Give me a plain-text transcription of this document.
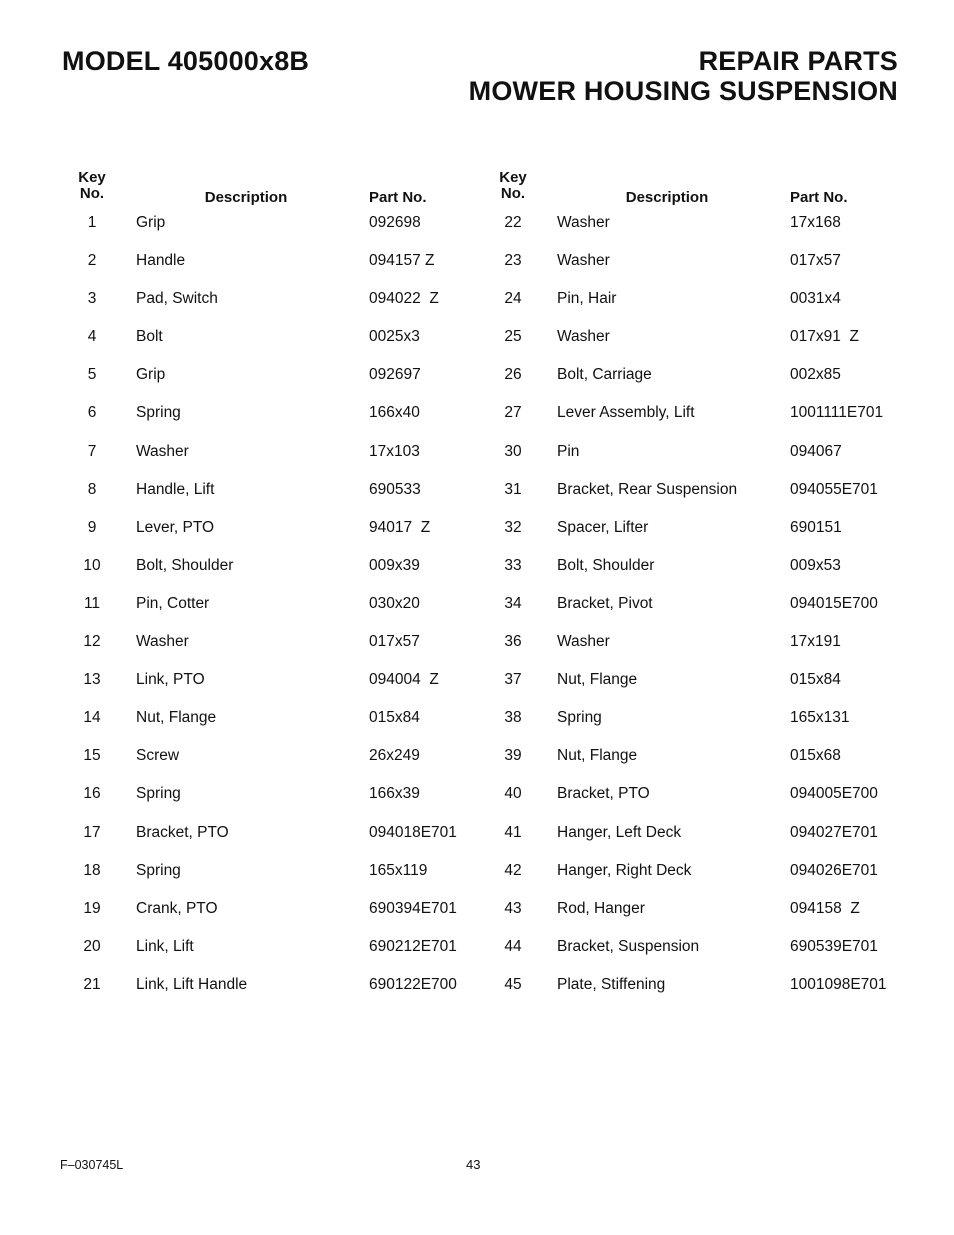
MODEL 405000x8B	REPAIR PARTS
MOWER HOUSING SUSPENSION
Key
No.	Description	Part No.
1	Grip	092698
2	Handle	094157 Z
3	Pad, Switch	094022  Z
4	Bolt	0025x3
5	Grip	092697
6	Spring	166x40
7	Washer	17x103
8	Handle, Lift	690533
9	Lever, PTO	94017  Z
10	Bolt, Shoulder	009x39
11	Pin, Cotter	030x20
12	Washer	017x57
13	Link, PTO	094004  Z
14	Nut, Flange	015x84
15	Screw	26x249
16	Spring	166x39
17	Bracket, PTO	094018E701
18	Spring	165x119
19	Crank, PTO	690394E701
20	Link, Lift	690212E701
21	Link, Lift Handle	690122E700
Key
No.	Description	Part No.
22	Washer	17x168
23	Washer	017x57
24	Pin, Hair	0031x4
25	Washer	017x91  Z
26	Bolt, Carriage	002x85
27	Lever Assembly, Lift	1001111E701
30	Pin	094067
31	Bracket, Rear Suspension	094055E701
32	Spacer, Lifter	690151
33	Bolt, Shoulder	009x53
34	Bracket, Pivot	094015E700
36	Washer	17x191
37	Nut, Flange	015x84
38	Spring	165x131
39	Nut, Flange	015x68
40	Bracket, PTO	094005E700
41	Hanger, Left Deck	094027E701
42	Hanger, Right Deck	094026E701
43	Rod, Hanger	094158  Z
44	Bracket, Suspension	690539E701
45	Plate, Stiffening	1001098E701
F–030745L	43
